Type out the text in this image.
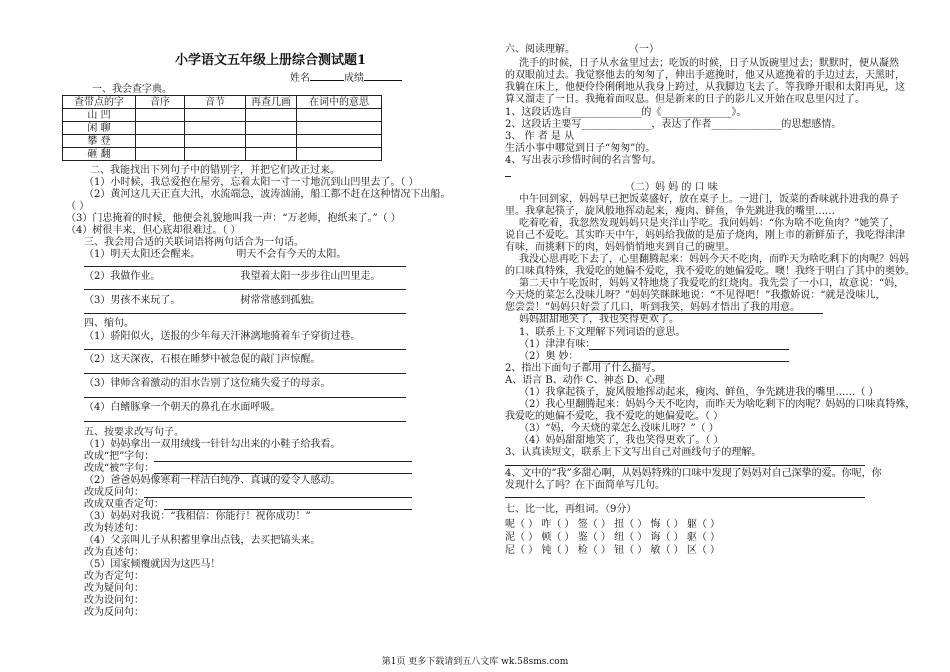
小学语文五年级上册综合测试题1
姓名	成绩
一、我会查字典。
查带点的字	音序	音节	再查几画	在词中的意思
山 凹				
闲 聊				
攀 登				
砸 翻				
二、我能找出下列句子中的错别字，并把它们改正过来。
（1）小时候，我总爱抱在屋旁，忘着太阳一寸一寸地沉到山凹里去了。（ ）
（2）黄河这几天正直大汛，水流端急，波涛汹涌，船工都不赶在这种情况下出船。
（ ）
（3）门忠掩着的时候，他便会礼貌地叫我一声：“万老师，抱纸来了。”（ ）
（4）树很丰来，但心底却很难过。（ ）
三、我会用合适的关联词语将两句话合为一句话。
（1）明天太阳还会醒来。	明天不会有今天的太阳。
（2）我做作业。	我望着太阳一步步往山凹里走。
（3）男孩不来玩了。	树常常感到孤独。
四、缩句。
（1）骄阳似火，送报的少年每天汗淋漓地骑着车子穿街过巷。
（2）这天深夜，石根在睡梦中被急促的敲门声惊醒。
（3）律师含着激动的泪水告别了这位痛失爱子的母亲。
（4）白鳍豚拿一个朝天的鼻孔在水面呼吸。
五、按要求改写句子。
（1）妈妈拿出一双用绒线一针针勾出来的小鞋子给我看。
改成“把”字句：
改成“被”字句：
（2）爸爸妈妈像寒莉一样洁白纯净、真诚的爱令人感动。
改成反问句：
改成双重否定句：
（3）妈妈对我说：“我相信：你能行！祝你成功！”
改为转述句：
（4）父亲叫儿子从积蓄里拿出点钱，去买把镐头来。
改为直述句：
（5）国家倾覆就因为这匹马！
改为否定句：
改为疑问句：
改为设问句：
改为反问句：
六、阅读理解。	（一）
洗手的时候，日子从水盆里过去；吃饭的时候，日子从饭碗里过去；默默时，便从凝然
的双眼前过去。我觉察他去的匆匆了，伸出手遮挽时，他又从遮挽着的手边过去，天黑时，
我躺在床上，他便伶伶俐俐地从我身上跨过，从我脚边飞去了。等我睁开眼和太阳再见，这
算又溜走了一日。我掩着面叹息。但是新来的日子的影儿又开始在叹息里闪过了。
1、这段话选自______________的《______________》。
2、这段话主要写______________，表达了作者______________的思想感情。
3、 作 者 是 从
生活小事中哪觉到日子“匆匆”的。
4、写出表示珍惜时间的名言警句。
（二）妈 妈 的 口 味
中午回到家，妈妈早已把饭菜盛好，放在桌子上。一进门，饭菜的香味就扑进我的鼻子
里。我拿起筷子，旋风般地挥动起来，瘦肉、鲜鱼，争先跳进我的嘴里……
吃着吃着，我忽然发现妈妈只是夹洋山芋吃。我问妈妈：“你为啥不吃鱼肉？”她笑了，
说自己不爱吃。其实昨天中午，妈妈给我做的是茄子烧肉，刚上市的新鲜茄子，我吃得津津
有味，而挑剩下的肉，妈妈悄悄地夹到自己的碗里。
我没心思再吃下去了，心里翻腾起来：妈妈今天不吃肉，而昨天为啥吃剩下的肉呢？妈妈
的口味真特殊，我爱吃的她偏不爱吃，我不爱吃的她偏爱吃。噢！我终于明白了其中的奥妙。
第二天中午吃饭时，妈妈又特地烧了我爱吃的红烧肉。我先尝了一小口，故意说：“妈，
今天烧的菜怎么没味儿呀？”妈妈笑眯眯地说：“不见得吧！”我撒娇说：“就是没味儿，
您尝尝！”妈妈只好尝了几口，听到我笑，妈妈才悟出了我的用意。
妈妈甜甜地笑了，我也笑得更欢了。
1、联系上下文理解下列词语的意思。
（1）津津有味：
（2）奥 妙：
2、指出下面句子都用了什么描写。
A、语言 B、动作 C、神态 D、心理
（1）我拿起筷子，旋风般地挥动起来，瘦肉、鲜鱼，争先跳进我的嘴里……（ ）
（2）我心里翻腾起来：妈妈今天不吃肉，而昨天为啥吃剩下的肉呢？妈妈的口味真特殊，
我爱吃的她偏不爱吃，我不爱吃的她偏爱吃。（ ）
（3）“妈，今天烧的菜怎么没味儿呀？”（ ）
（4）妈妈甜甜地笑了，我也笑得更欢了。（ ）
3、认真读短文，联系上下文写出自己对画线句子的理解。
4、文中的“我”多甜心啊，从妈妈特殊的口味中发现了妈妈对自己深挚的爱。你呢，你
发现什么了吗？在下面简单写几句。
七、比一比，再组词。（9分）
呢（ ） 咋（ ） 签（ ） 扭（ ） 悔（ ） 躯（ ）
泥（ ） 顿（ ） 鉴（ ） 纽（ ） 诲（ ） 驱（ ）
尼（ ） 钝（ ） 检（ ） 钮（ ） 敏（ ） 区（ ）
第1页 更多下载请到五八文库 wk.58sms.com
